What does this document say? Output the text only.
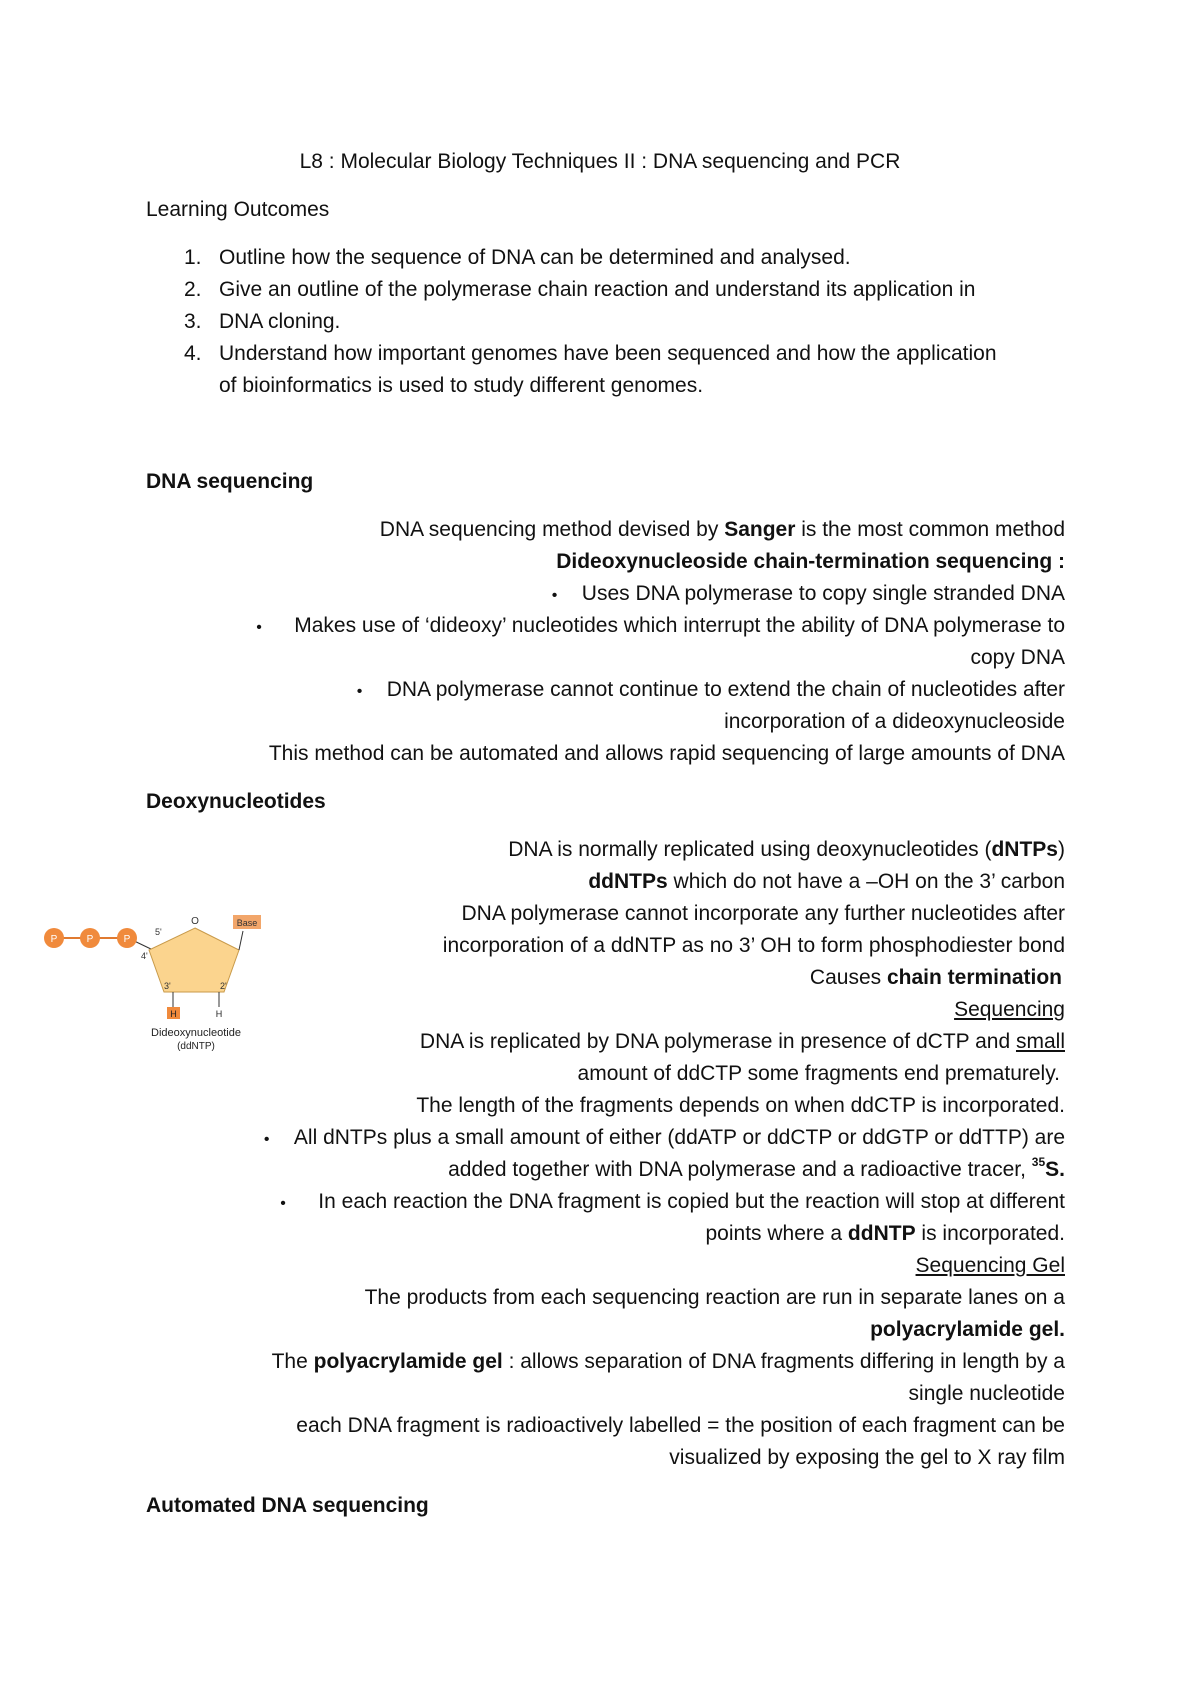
L8 : Molecular Biology Techniques II : DNA sequencing and PCR
Learning Outcomes
1. Outline how the sequence of DNA can be determined and analysed.
2. Give an outline of the polymerase chain reaction and understand its application in
3. DNA cloning.
4. Understand how important genomes have been sequenced and how the application
of bioinformatics is used to study different genomes.
DNA sequencing
DNA sequencing method devised by Sanger is the most common method
Dideoxynucleoside chain-termination sequencing :
• Uses DNA polymerase to copy single stranded DNA
• Makes use of ‘dideoxy’ nucleotides which interrupt the ability of DNA polymerase to
copy DNA
• DNA polymerase cannot continue to extend the chain of nucleotides after
incorporation of a dideoxynucleoside
This method can be automated and allows rapid sequencing of large amounts of DNA
Deoxynucleotides
DNA is normally replicated using deoxynucleotides (dNTPs)
ddNTPs which do not have a –OH on the 3’ carbon
DNA polymerase cannot incorporate any further nucleotides after
incorporation of a ddNTP as no 3’ OH to form phosphodiester bond
Causes chain termination
Sequencing
DNA is replicated by DNA polymerase in presence of dCTP and small
amount of ddCTP some fragments end prematurely.
The length of the fragments depends on when ddCTP is incorporated.
• All dNTPs plus a small amount of either (ddATP or ddCTP or ddGTP or ddTTP) are
added together with DNA polymerase and a radioactive tracer, $^{35}$S.
• In each reaction the DNA fragment is copied but the reaction will stop at different
points where a ddNTP is incorporated.
Sequencing Gel
The products from each sequencing reaction are run in separate lanes on a
polyacrylamide gel.
The polyacrylamide gel : allows separation of DNA fragments differing in length by a
single nucleotide
each DNA fragment is radioactively labelled = the position of each fragment can be
visualized by exposing the gel to X ray film
Automated DNA sequencing
P	P	P
O
5'
4'
3'	2'
Base
H	H
Dideoxynucleotide
(ddNTP)
